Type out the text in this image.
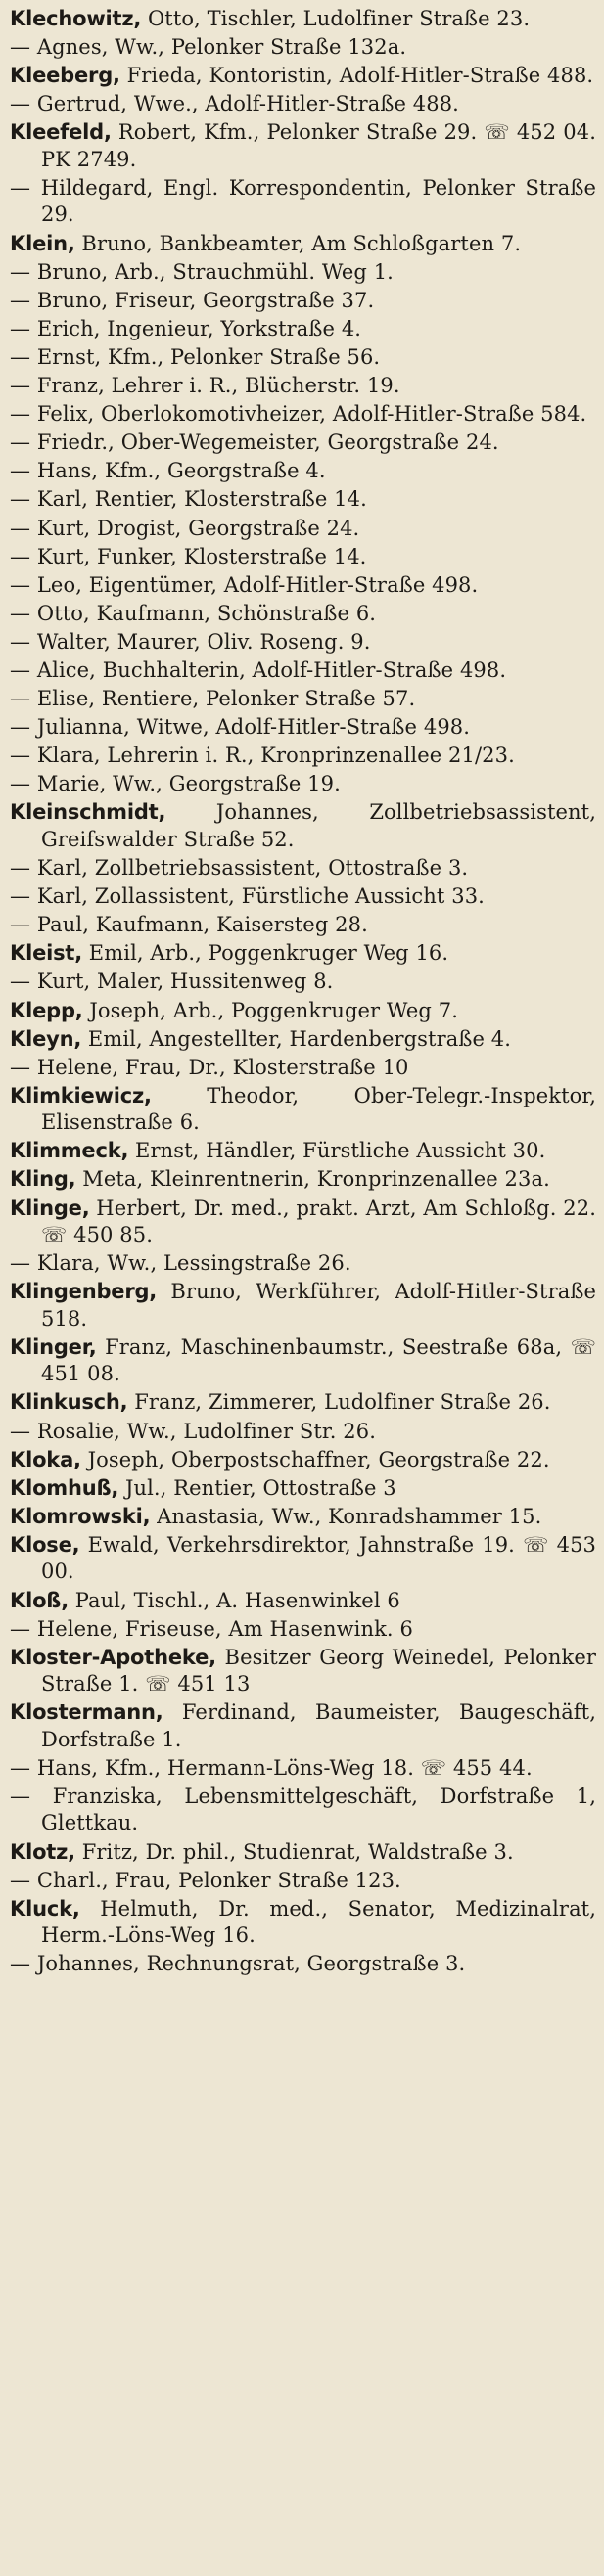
Klechowitz, Otto, Tischler, Ludolfiner Straße 23.

— Agnes, Ww., Pelonker Straße 132a.

Kleeberg, Frieda, Kontoristin, Adolf-Hitler-Straße 488.

— Gertrud, Wwe., Adolf-Hitler-Straße 488.

Kleefeld, Robert, Kfm., Pelonker Straße 29. ☏ 452 04. PK 2749.

— Hildegard, Engl. Korrespondentin, Pelonker Straße 29.

Klein, Bruno, Bankbeamter, Am Schloßgarten 7.

— Bruno, Arb., Strauchmühl. Weg 1.

— Bruno, Friseur, Georgstraße 37.

— Erich, Ingenieur, Yorkstraße 4.

— Ernst, Kfm., Pelonker Straße 56.

— Franz, Lehrer i. R., Blücherstr. 19.

— Felix, Oberlokomotivheizer, Adolf-Hitler-Straße 584.

— Friedr., Ober-Wegemeister, Georgstraße 24.

— Hans, Kfm., Georgstraße 4.

— Karl, Rentier, Klosterstraße 14.

— Kurt, Drogist, Georgstraße 24.

— Kurt, Funker, Klosterstraße 14.

— Leo, Eigentümer, Adolf-Hitler-Straße 498.

— Otto, Kaufmann, Schönstraße 6.

— Walter, Maurer, Oliv. Roseng. 9.

— Alice, Buchhalterin, Adolf-Hitler-Straße 498.

— Elise, Rentiere, Pelonker Straße 57.

— Julianna, Witwe, Adolf-Hitler-Straße 498.

— Klara, Lehrerin i. R., Kronprinzenallee 21/23.

— Marie, Ww., Georgstraße 19.

Kleinschmidt, Johannes, Zollbetriebsassistent, Greifswalder Straße 52.

— Karl, Zollbetriebsassistent, Ottostraße 3.

— Karl, Zollassistent, Fürstliche Aussicht 33.

— Paul, Kaufmann, Kaisersteg 28.

Kleist, Emil, Arb., Poggenkruger Weg 16.

— Kurt, Maler, Hussitenweg 8.

Klepp, Joseph, Arb., Poggenkruger Weg 7.

Kleyn, Emil, Angestellter, Hardenbergstraße 4.

— Helene, Frau, Dr., Klosterstraße 10

Klimkiewicz, Theodor, Ober-Telegr.-Inspektor, Elisenstraße 6.

Klimmeck, Ernst, Händler, Fürstliche Aussicht 30.

Kling, Meta, Kleinrentnerin, Kronprinzenallee 23a.

Klinge, Herbert, Dr. med., prakt. Arzt, Am Schloßg. 22. ☏ 450 85.

— Klara, Ww., Lessingstraße 26.

Klingenberg, Bruno, Werkführer, Adolf-Hitler-Straße 518.

Klinger, Franz, Maschinenbaumstr., Seestraße 68a, ☏ 451 08.

Klinkusch, Franz, Zimmerer, Ludolfiner Straße 26.

— Rosalie, Ww., Ludolfiner Str. 26.

Kloka, Joseph, Oberpostschaffner, Georgstraße 22.

Klomhuß, Jul., Rentier, Ottostraße 3

Klomrowski, Anastasia, Ww., Konradshammer 15.

Klose, Ewald, Verkehrsdirektor, Jahnstraße 19. ☏ 453 00.

Kloß, Paul, Tischl., A. Hasenwinkel 6

— Helene, Friseuse, Am Hasenwink. 6

Kloster-Apotheke, Besitzer Georg Weinedel, Pelonker Straße 1. ☏ 451 13

Klostermann, Ferdinand, Baumeister, Baugeschäft, Dorfstraße 1.

— Hans, Kfm., Hermann-Löns-Weg 18. ☏ 455 44.

— Franziska, Lebensmittelgeschäft, Dorfstraße 1, Glettkau.

Klotz, Fritz, Dr. phil., Studienrat, Waldstraße 3.

— Charl., Frau, Pelonker Straße 123.

Kluck, Helmuth, Dr. med., Senator, Medizinalrat, Herm.-Löns-Weg 16.

— Johannes, Rechnungsrat, Georgstraße 3.
